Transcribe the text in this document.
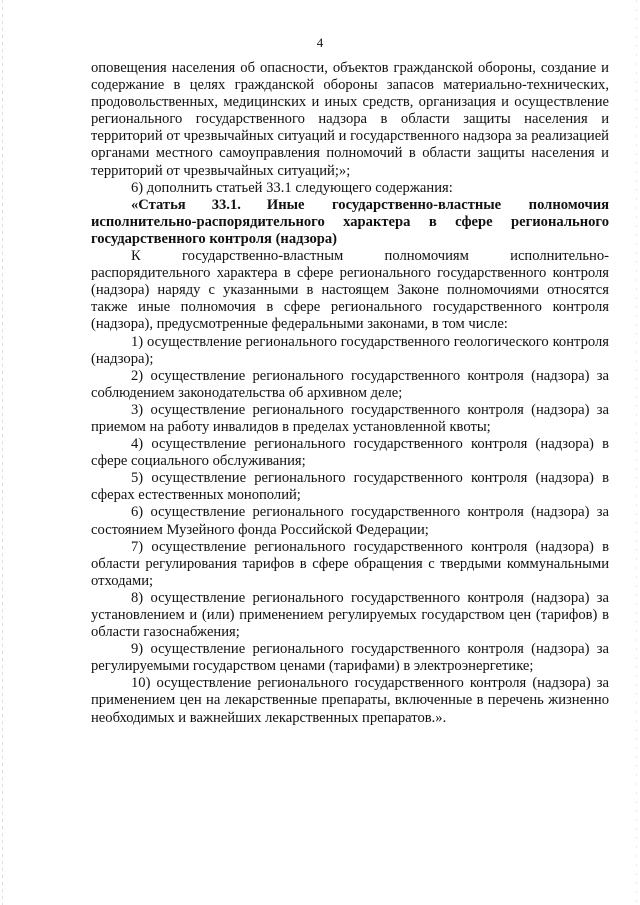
4

оповещения населения об опасности, объектов гражданской обороны, создание и содержание в целях гражданской обороны запасов материально-технических, продовольственных, медицинских и иных средств, организация и осуществление регионального государственного надзора в области защиты населения и территорий от чрезвычайных ситуаций и государственного надзора за реализацией органами местного самоуправления полномочий в области защиты населения и территорий от чрезвычайных ситуаций;»;

6) дополнить статьей 33.1 следующего содержания:

«Статья 33.1. Иные государственно-властные полномочия исполнительно-распорядительного характера в сфере регионального государственного контроля (надзора)

К государственно-властным полномочиям исполнительно-распорядительного характера в сфере регионального государственного контроля (надзора) наряду с указанными в настоящем Законе полномочиями относятся также иные полномочия в сфере регионального государственного контроля (надзора), предусмотренные федеральными законами, в том числе:

1) осуществление регионального государственного геологического контроля (надзора);

2) осуществление регионального государственного контроля (надзора) за соблюдением законодательства об архивном деле;

3) осуществление регионального государственного контроля (надзора) за приемом на работу инвалидов в пределах установленной квоты;

4) осуществление регионального государственного контроля (надзора) в сфере социального обслуживания;

5) осуществление регионального государственного контроля (надзора) в сферах естественных монополий;

6) осуществление регионального государственного контроля (надзора) за состоянием Музейного фонда Российской Федерации;

7) осуществление регионального государственного контроля (надзора) в области регулирования тарифов в сфере обращения с твердыми коммунальными отходами;

8) осуществление регионального государственного контроля (надзора) за установлением и (или) применением регулируемых государством цен (тарифов) в области газоснабжения;

9) осуществление регионального государственного контроля (надзора) за регулируемыми государством ценами (тарифами) в электроэнергетике;

10) осуществление регионального государственного контроля (надзора) за применением цен на лекарственные препараты, включенные в перечень жизненно необходимых и важнейших лекарственных препаратов.».
